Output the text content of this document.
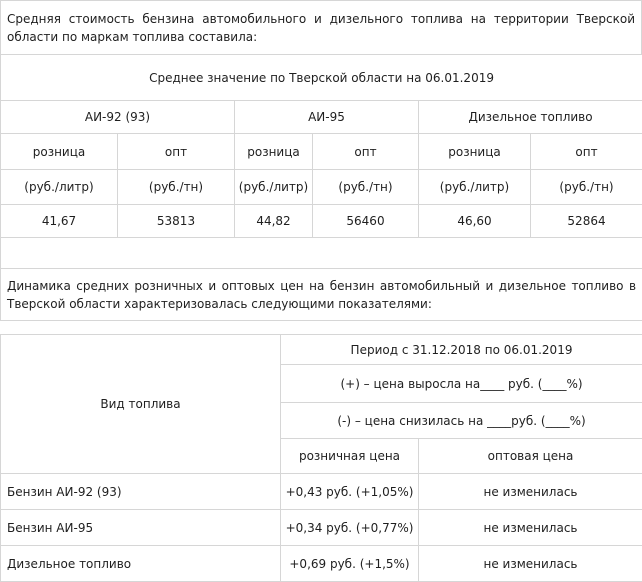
Средняя стоимость бензина автомобильного и дизельного топлива на территории Тверской области по маркам топлива составила:
Среднее значение по Тверской области на 06.01.2019					
АИ-92 (93)		АИ-95		Дизельное топливо	
розница	опт	розница	опт	розница	опт
(руб./литр)	(руб./тн)	(руб./литр)	(руб./тн)	(руб./литр)	(руб./тн)
41,67	53813	44,82	56460	46,60	52864

Динамика средних розничных и оптовых цен на бензин автомобильный и дизельное топливо в Тверской области характеризовалась следующими показателями:					
Вид топлива	Период с 31.12.2018 по 06.01.2019	
	(+) – цена выросла на____ руб. (____%)	
	(-) – цена снизилась на ____руб. (____%)	
	розничная цена	оптовая цена
Бензин АИ-92 (93)	+0,43 руб. (+1,05%)	не изменилась
Бензин АИ-95	+0,34 руб. (+0,77%)	не изменилась
Дизельное топливо	+0,69 руб. (+1,5%)	не изменилась
